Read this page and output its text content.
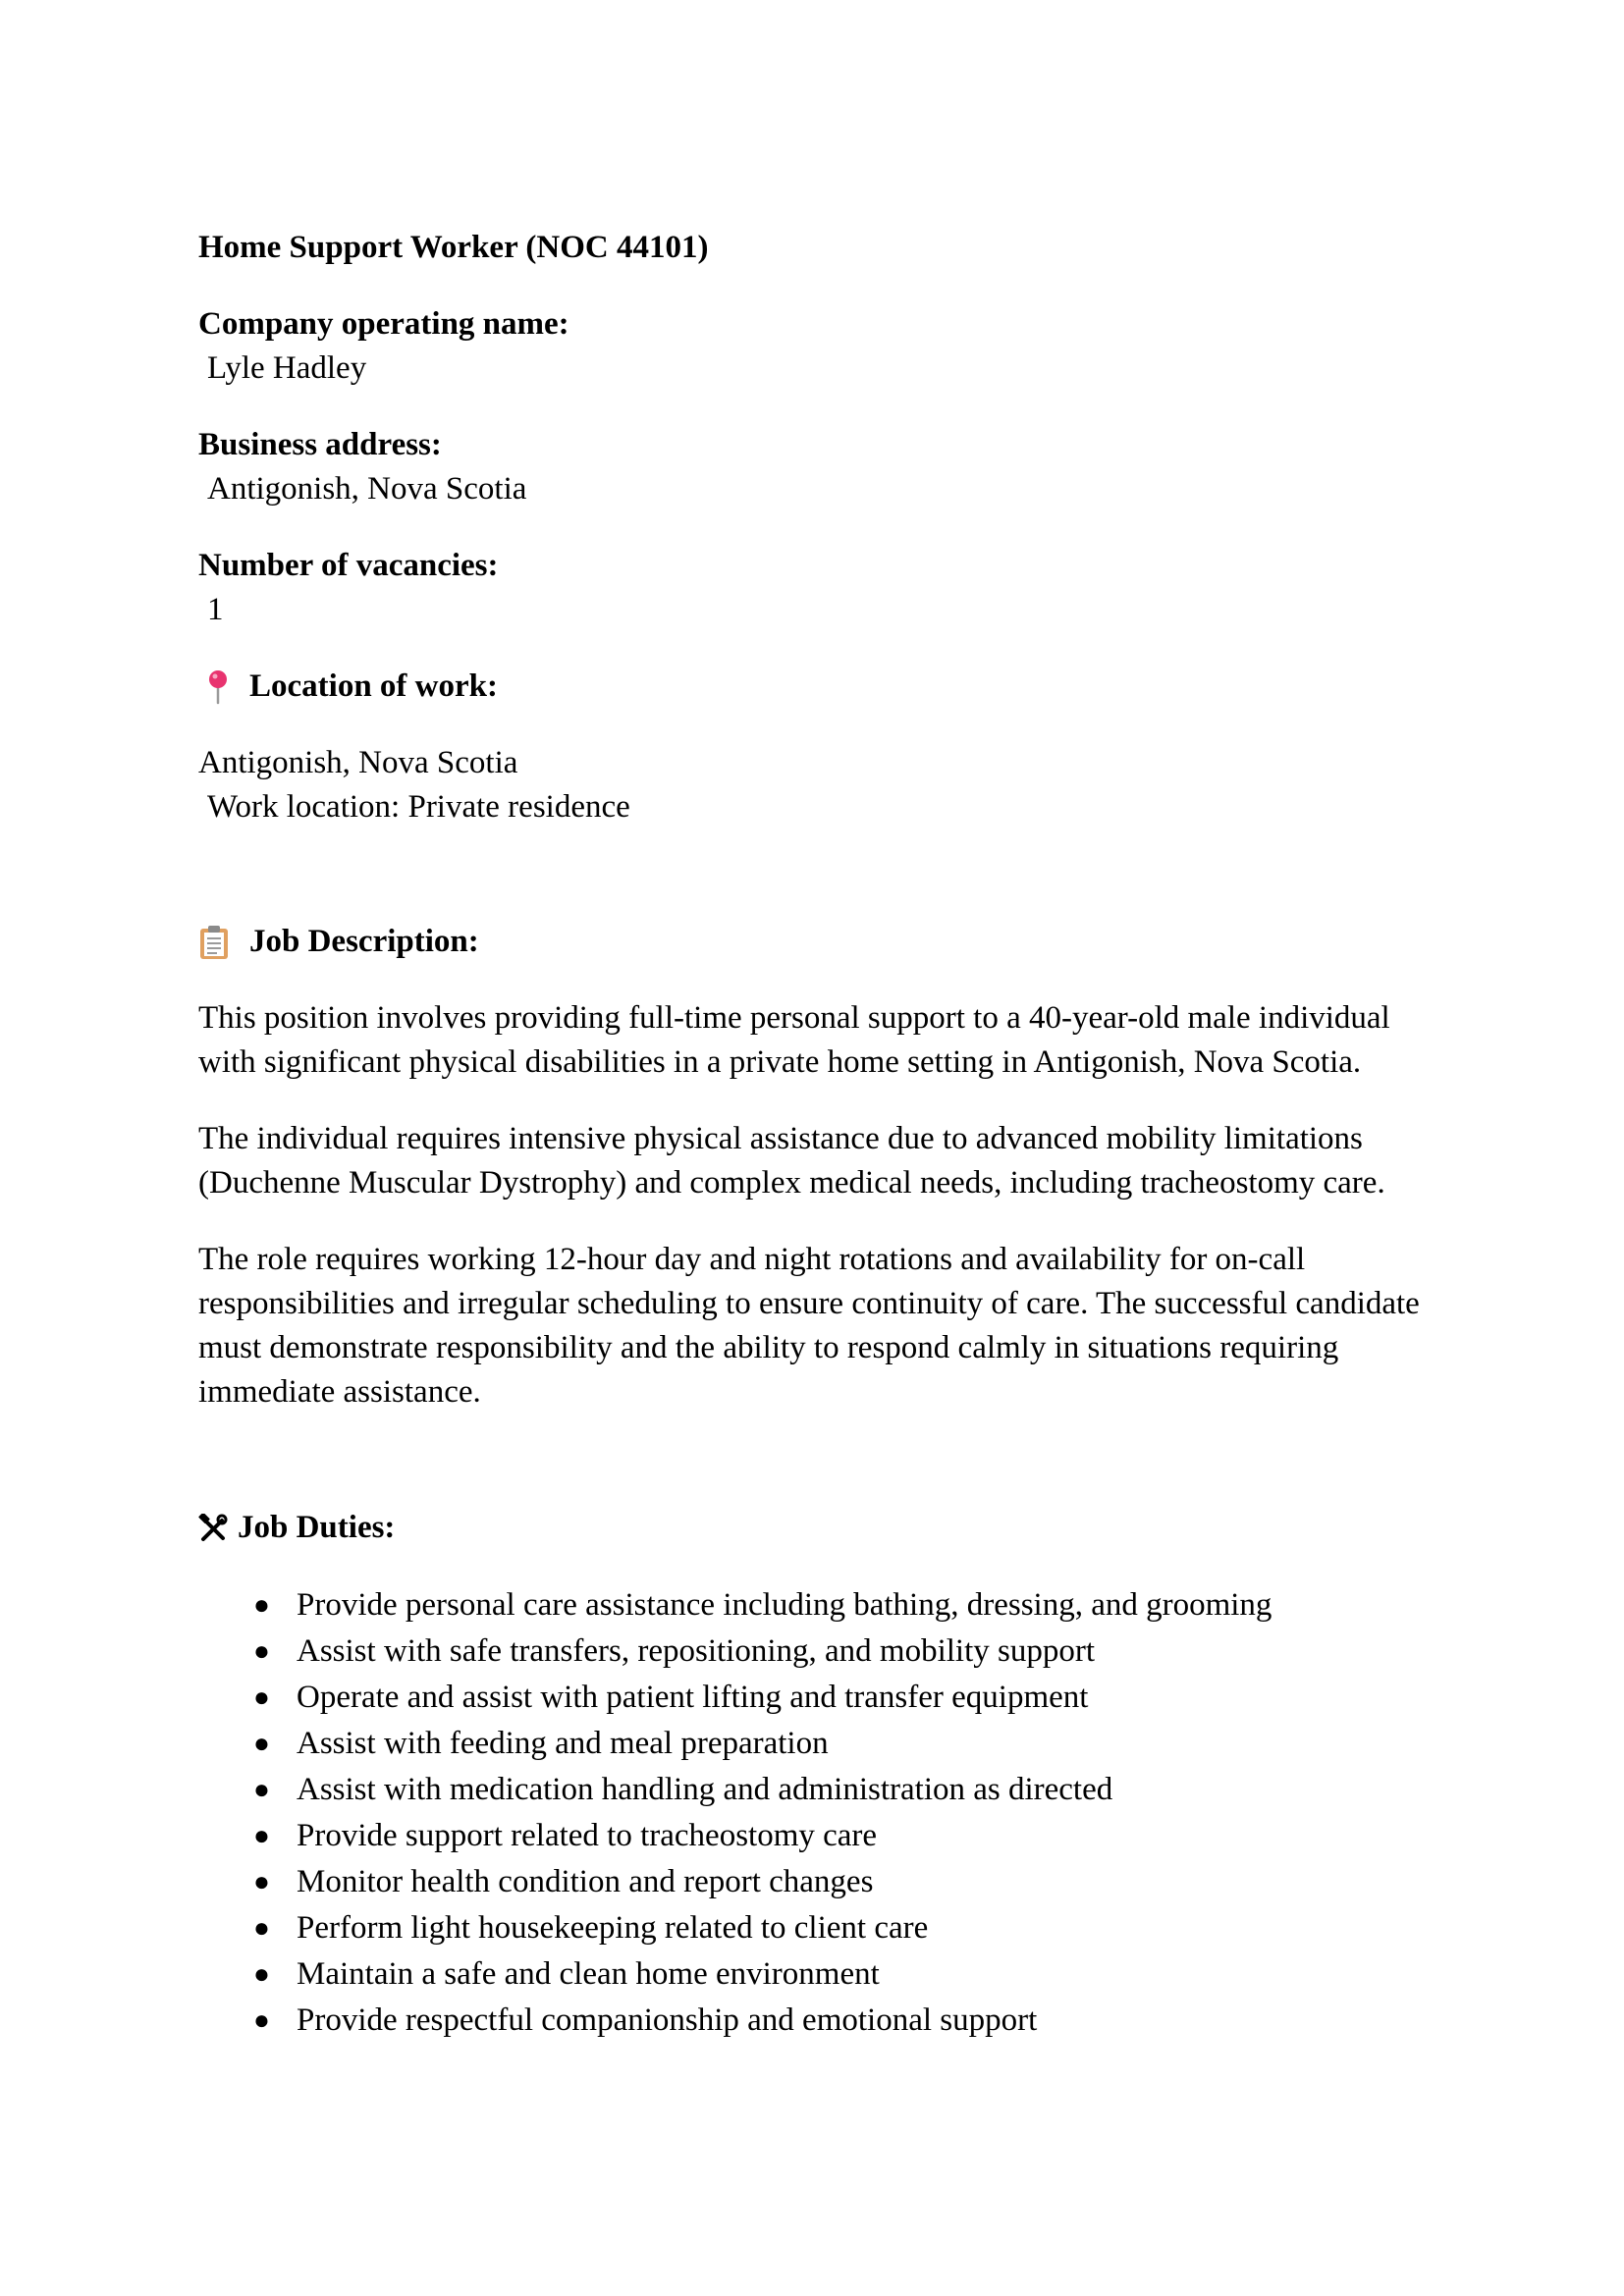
Home Support Worker (NOC 44101)
Company operating name:
Lyle Hadley
Business address:
Antigonish, Nova Scotia
Number of vacancies:
1
Location of work:
Antigonish, Nova Scotia
Work location: Private residence
Job Description:

This position involves providing full-time personal support to a 40-year-old male individual with significant physical disabilities in a private home setting in Antigonish, Nova Scotia.

The individual requires intensive physical assistance due to advanced mobility limitations (Duchenne Muscular Dystrophy) and complex medical needs, including tracheostomy care.

The role requires working 12-hour day and night rotations and availability for on-call responsibilities and irregular scheduling to ensure continuity of care. The successful candidate must demonstrate responsibility and the ability to respond calmly in situations requiring immediate assistance.

Job Duties:
● Provide personal care assistance including bathing, dressing, and grooming
● Assist with safe transfers, repositioning, and mobility support
● Operate and assist with patient lifting and transfer equipment
● Assist with feeding and meal preparation
● Assist with medication handling and administration as directed
● Provide support related to tracheostomy care
● Monitor health condition and report changes
● Perform light housekeeping related to client care
● Maintain a safe and clean home environment
● Provide respectful companionship and emotional support
